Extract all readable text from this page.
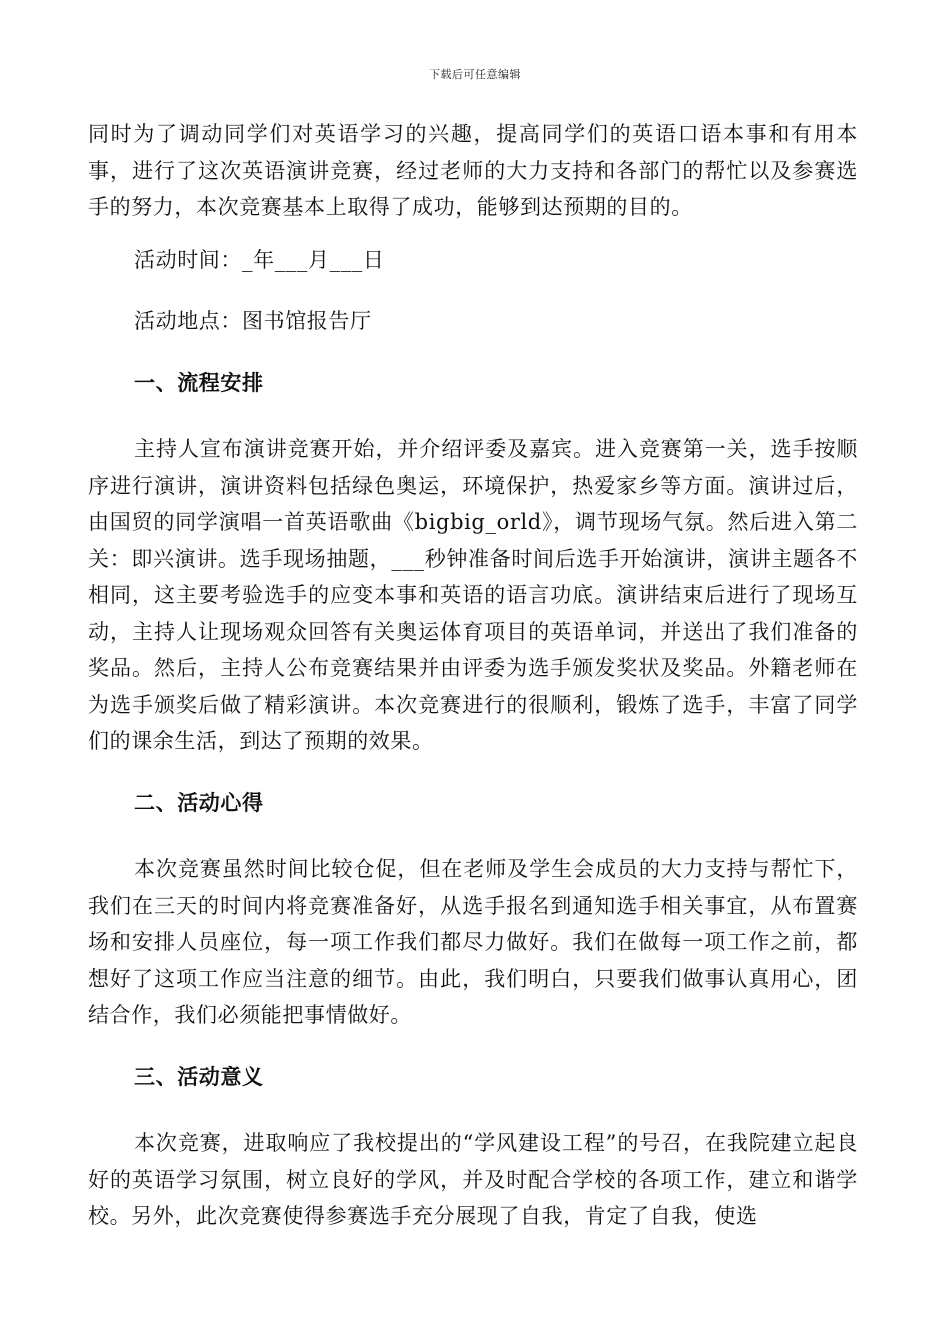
下载后可任意编辑

同时为了调动同学们对英语学习的兴趣，提高同学们的英语口语本事和有用本事，进行了这次英语演讲竞赛，经过老师的大力支持和各部门的帮忙以及参赛选手的努力，本次竞赛基本上取得了成功，能够到达预期的目的。

活动时间：_年___月___日

活动地点：图书馆报告厅

一、流程安排

主持人宣布演讲竞赛开始，并介绍评委及嘉宾。进入竞赛第一关，选手按顺序进行演讲，演讲资料包括绿色奥运，环境保护，热爱家乡等方面。演讲过后，由国贸的同学演唱一首英语歌曲《bigbig_orld》，调节现场气氛。然后进入第二关：即兴演讲。选手现场抽题，___秒钟准备时间后选手开始演讲，演讲主题各不相同，这主要考验选手的应变本事和英语的语言功底。演讲结束后进行了现场互动，主持人让现场观众回答有关奥运体育项目的英语单词，并送出了我们准备的奖品。然后，主持人公布竞赛结果并由评委为选手颁发奖状及奖品。外籍老师在为选手颁奖后做了精彩演讲。本次竞赛进行的很顺利，锻炼了选手，丰富了同学们的课余生活，到达了预期的效果。

二、活动心得

本次竞赛虽然时间比较仓促，但在老师及学生会成员的大力支持与帮忙下，我们在三天的时间内将竞赛准备好，从选手报名到通知选手相关事宜，从布置赛场和安排人员座位，每一项工作我们都尽力做好。我们在做每一项工作之前，都想好了这项工作应当注意的细节。由此，我们明白，只要我们做事认真用心，团结合作，我们必须能把事情做好。

三、活动意义

本次竞赛，进取响应了我校提出的“学风建设工程”的号召，在我院建立起良好的英语学习氛围，树立良好的学风，并及时配合学校的各项工作，建立和谐学校。另外，此次竞赛使得参赛选手充分展现了自我，肯定了自我，使选
